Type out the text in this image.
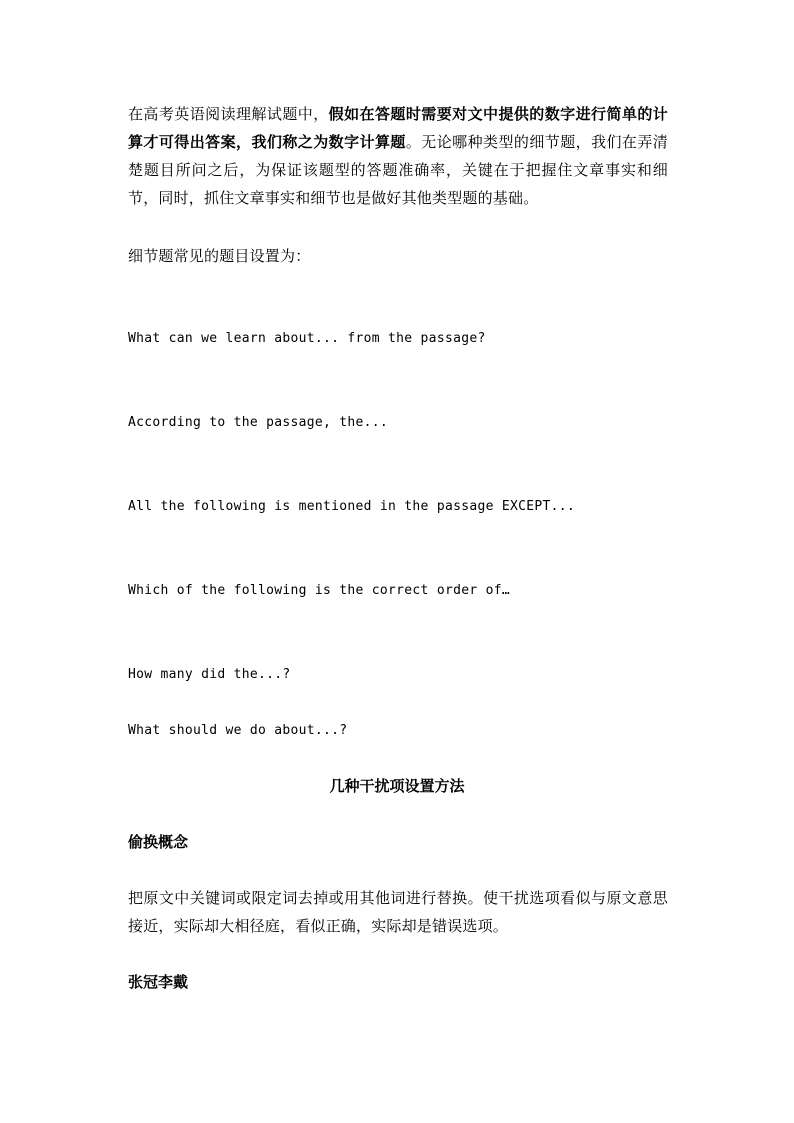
在高考英语阅读理解试题中，假如在答题时需要对文中提供的数字进行简单的计算才可得出答案，我们称之为数字计算题。无论哪种类型的细节题，我们在弄清楚题目所问之后，为保证该题型的答题准确率，关键在于把握住文章事实和细节，同时，抓住文章事实和细节也是做好其他类型题的基础。

细节题常见的题目设置为：

What can we learn about... from the passage?

According to the passage, the...

All the following is mentioned in the passage EXCEPT...

Which of the following is the correct order of…

How many did the...?

What should we do about...?

几种干扰项设置方法
偷换概念

把原文中关键词或限定词去掉或用其他词进行替换。使干扰选项看似与原文意思接近，实际却大相径庭，看似正确，实际却是错误选项。

张冠李戴
